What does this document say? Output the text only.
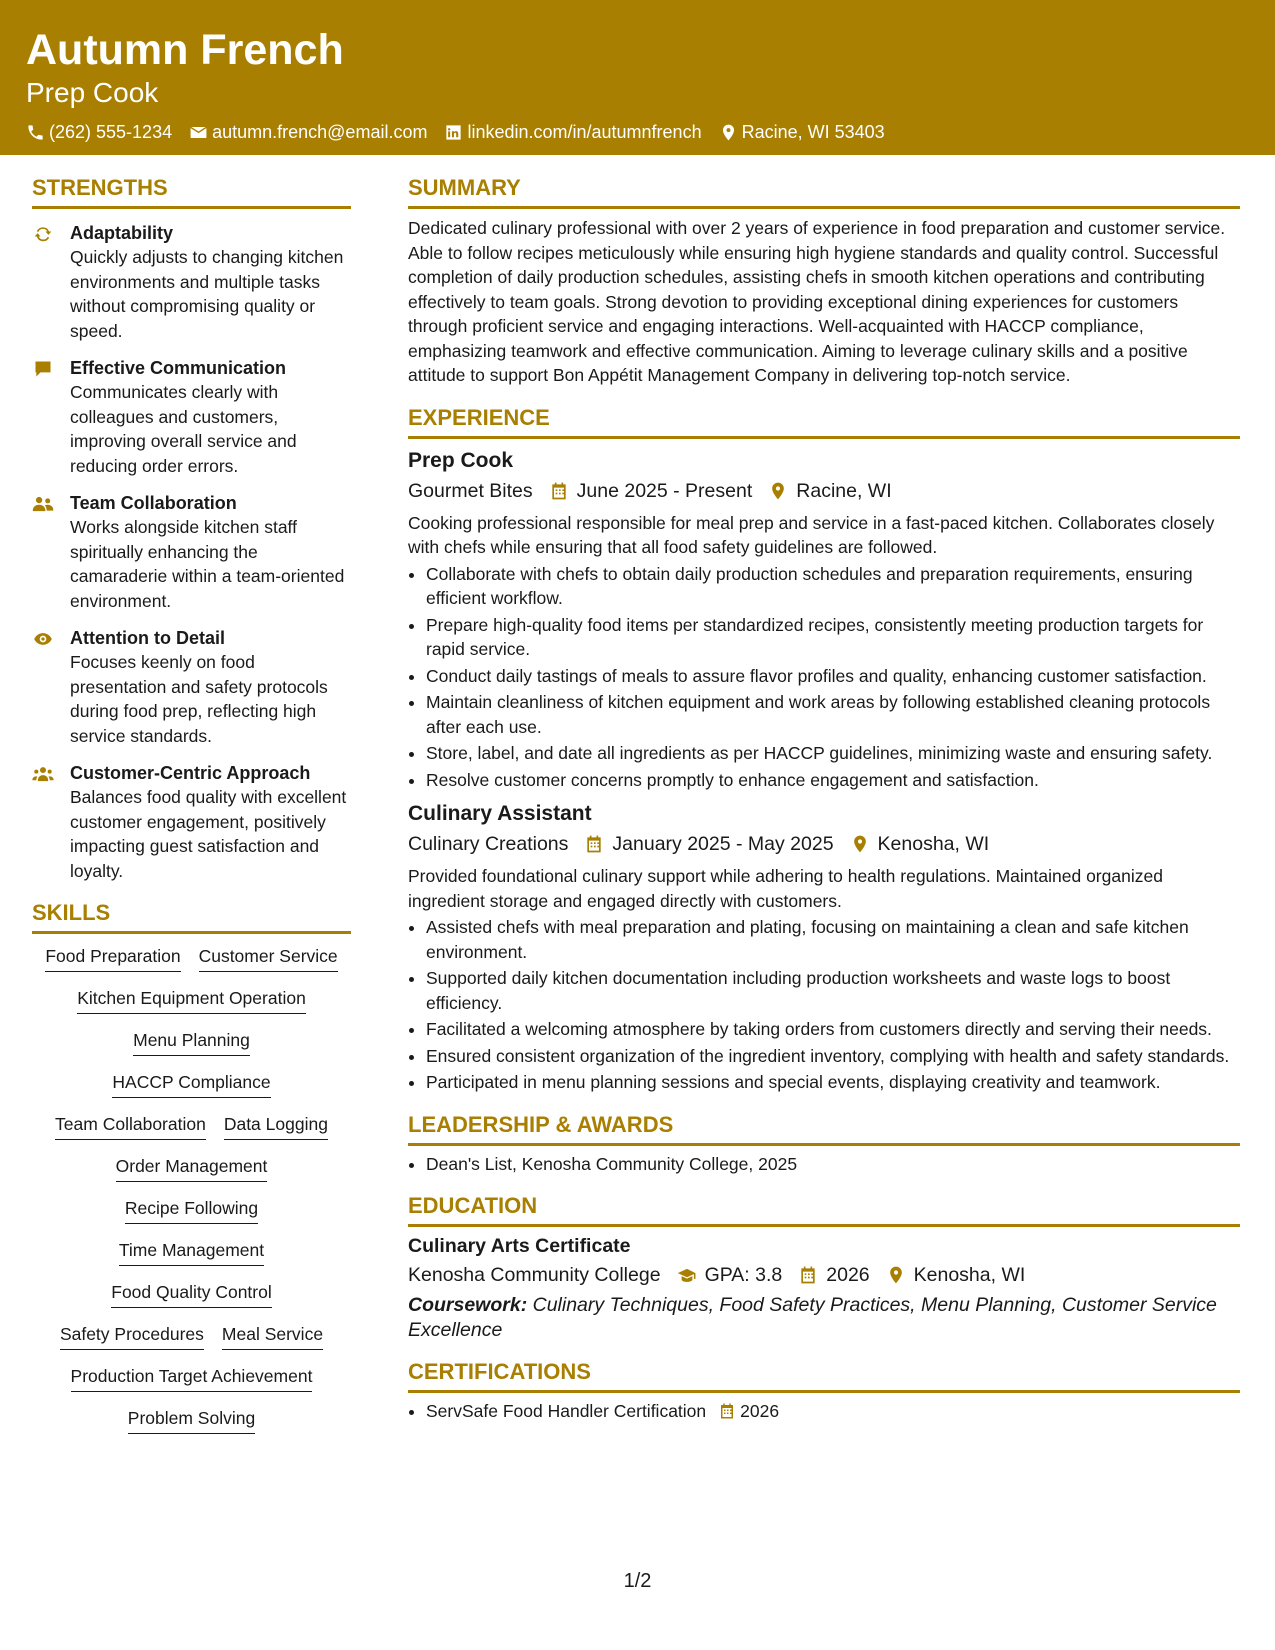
Autumn French
Prep Cook
(262) 555-1234 autumn.french@email.com linkedin.com/in/autumnfrench Racine, WI 53403
STRENGTHS
Adaptability
Quickly adjusts to changing kitchen environments and multiple tasks without compromising quality or speed.
Effective Communication
Communicates clearly with colleagues and customers, improving overall service and reducing order errors.
Team Collaboration
Works alongside kitchen staff spiritually enhancing the camaraderie within a team-oriented environment.
Attention to Detail
Focuses keenly on food presentation and safety protocols during food prep, reflecting high service standards.
Customer-Centric Approach
Balances food quality with excellent customer engagement, positively impacting guest satisfaction and loyalty.
SKILLS
Food Preparation Customer Service
Kitchen Equipment Operation
Menu Planning
HACCP Compliance
Team Collaboration Data Logging
Order Management
Recipe Following
Time Management
Food Quality Control
Safety Procedures Meal Service
Production Target Achievement
Problem Solving
SUMMARY
Dedicated culinary professional with over 2 years of experience in food preparation and customer service. Able to follow recipes meticulously while ensuring high hygiene standards and quality control. Successful completion of daily production schedules, assisting chefs in smooth kitchen operations and contributing effectively to team goals. Strong devotion to providing exceptional dining experiences for customers through proficient service and engaging interactions. Well-acquainted with HACCP compliance, emphasizing teamwork and effective communication. Aiming to leverage culinary skills and a positive attitude to support Bon Appétit Management Company in delivering top-notch service.
EXPERIENCE
Prep Cook
Gourmet Bites June 2025 - Present Racine, WI
Cooking professional responsible for meal prep and service in a fast-paced kitchen. Collaborates closely with chefs while ensuring that all food safety guidelines are followed.
• Collaborate with chefs to obtain daily production schedules and preparation requirements, ensuring efficient workflow.
• Prepare high-quality food items per standardized recipes, consistently meeting production targets for rapid service.
• Conduct daily tastings of meals to assure flavor profiles and quality, enhancing customer satisfaction.
• Maintain cleanliness of kitchen equipment and work areas by following established cleaning protocols after each use.
• Store, label, and date all ingredients as per HACCP guidelines, minimizing waste and ensuring safety.
• Resolve customer concerns promptly to enhance engagement and satisfaction.
Culinary Assistant
Culinary Creations January 2025 - May 2025 Kenosha, WI
Provided foundational culinary support while adhering to health regulations. Maintained organized ingredient storage and engaged directly with customers.
• Assisted chefs with meal preparation and plating, focusing on maintaining a clean and safe kitchen environment.
• Supported daily kitchen documentation including production worksheets and waste logs to boost efficiency.
• Facilitated a welcoming atmosphere by taking orders from customers directly and serving their needs.
• Ensured consistent organization of the ingredient inventory, complying with health and safety standards.
• Participated in menu planning sessions and special events, displaying creativity and teamwork.
LEADERSHIP & AWARDS
• Dean's List, Kenosha Community College, 2025
EDUCATION
Culinary Arts Certificate
Kenosha Community College GPA: 3.8 2026 Kenosha, WI
Coursework: Culinary Techniques, Food Safety Practices, Menu Planning, Customer Service Excellence
CERTIFICATIONS
• ServSafe Food Handler Certification 2026
1/2
